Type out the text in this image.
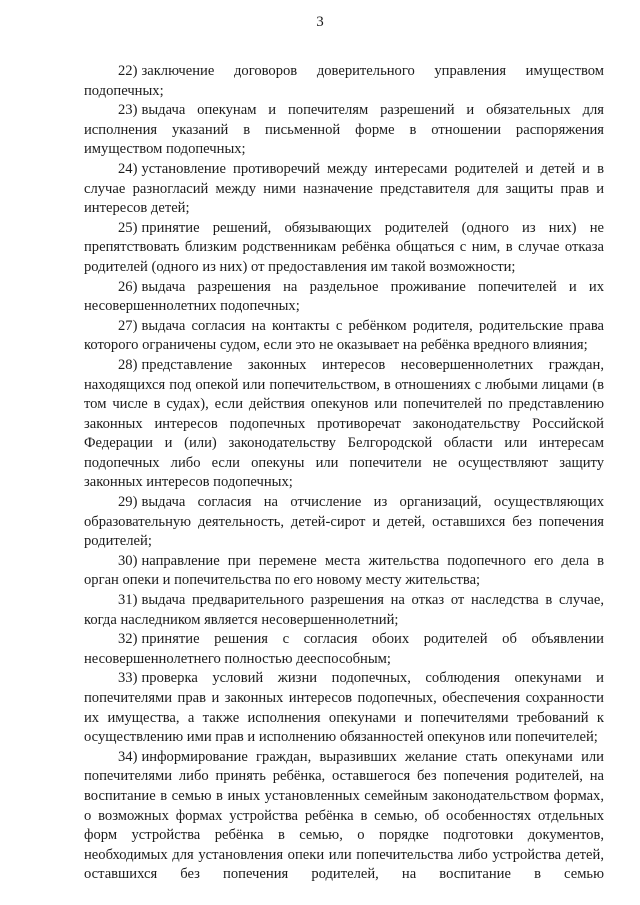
3

22) заключение договоров доверительного управления имуществом подопечных;

23) выдача опекунам и попечителям разрешений и обязательных для исполнения указаний в письменной форме в отношении распоряжения имуществом подопечных;

24) установление противоречий между интересами родителей и детей и в случае разногласий между ними назначение представителя для защиты прав и интересов детей;

25) принятие решений, обязывающих родителей (одного из них) не препятствовать близким родственникам ребёнка общаться с ним, в случае отказа родителей (одного из них) от предоставления им такой возможности;

26) выдача разрешения на раздельное проживание попечителей и их несовершеннолетних подопечных;

27) выдача согласия на контакты с ребёнком родителя, родительские права которого ограничены судом, если это не оказывает на ребёнка вредного влияния;

28) представление законных интересов несовершеннолетних граждан, находящихся под опекой или попечительством, в отношениях с любыми лицами (в том числе в судах), если действия опекунов или попечителей по представлению законных интересов подопечных противоречат законодательству Российской Федерации и (или) законодательству Белгородской области или интересам подопечных либо если опекуны или попечители не осуществляют защиту законных интересов подопечных;

29) выдача согласия на отчисление из организаций, осуществляющих образовательную деятельность, детей-сирот и детей, оставшихся без попечения родителей;

30) направление при перемене места жительства подопечного его дела в орган опеки и попечительства по его новому месту жительства;

31) выдача предварительного разрешения на отказ от наследства в случае, когда наследником является несовершеннолетний;

32) принятие решения с согласия обоих родителей об объявлении несовершеннолетнего полностью дееспособным;

33) проверка условий жизни подопечных, соблюдения опекунами и попечителями прав и законных интересов подопечных, обеспечения сохранности их имущества, а также исполнения опекунами и попечителями требований к осуществлению ими прав и исполнению обязанностей опекунов или попечителей;

34) информирование граждан, выразивших желание стать опекунами или попечителями либо принять ребёнка, оставшегося без попечения родителей, на воспитание в семью в иных установленных семейным законодательством формах, о возможных формах устройства ребёнка в семью, об особенностях отдельных форм устройства ребёнка в семью, о порядке подготовки документов, необходимых для установления опеки или попечительства либо устройства детей, оставшихся без попечения родителей, на воспитание в семью
